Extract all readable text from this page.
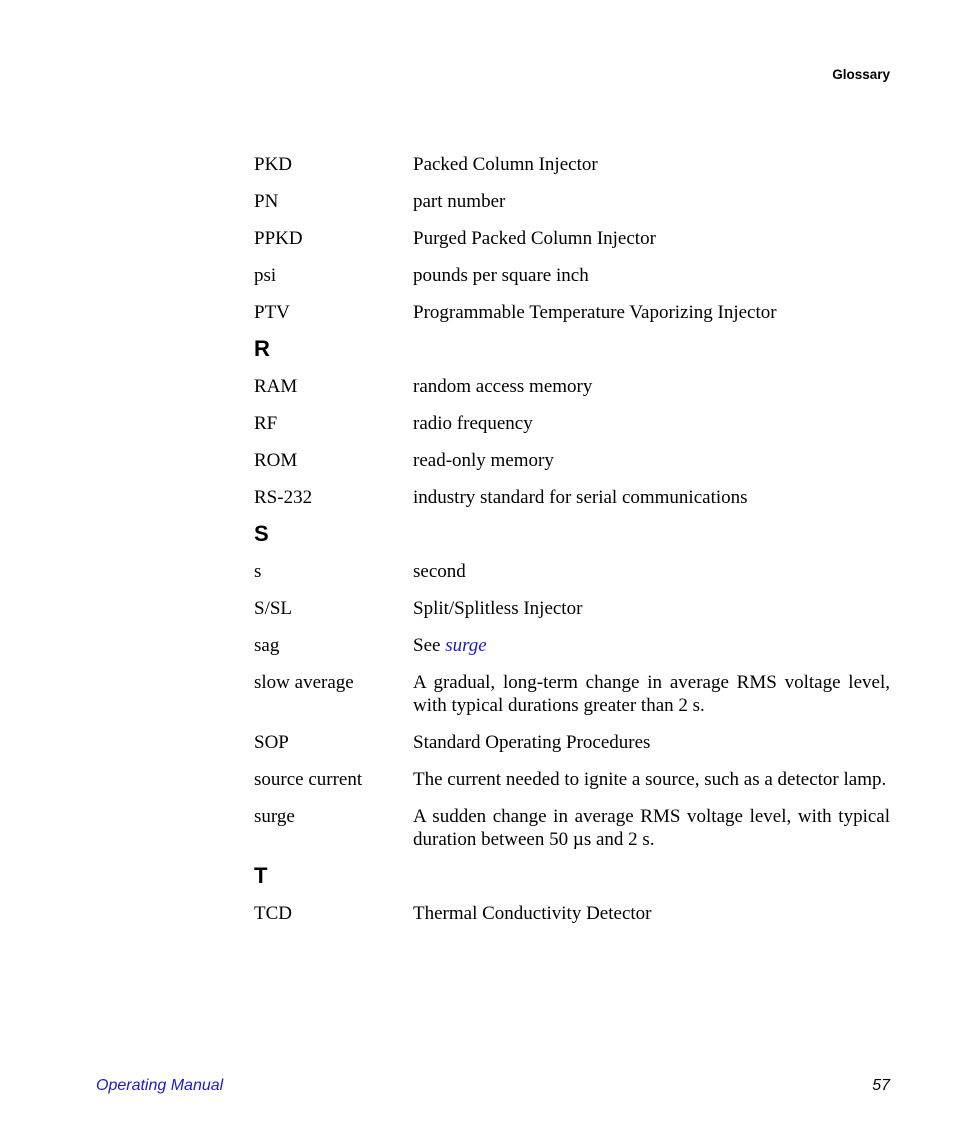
Glossary
PKD	Packed Column Injector
PN	part number
PPKD	Purged Packed Column Injector
psi	pounds per square inch
PTV	Programmable Temperature Vaporizing Injector
R
RAM	random access memory
RF	radio frequency
ROM	read-only memory
RS-232	industry standard for serial communications
S
s	second
S/SL	Split/Splitless Injector
sag	See surge
slow average	A gradual, long-term change in average RMS voltage level, with typical durations greater than 2 s.
SOP	Standard Operating Procedures
source current	The current needed to ignite a source, such as a detector lamp.
surge	A sudden change in average RMS voltage level, with typical duration between 50 µs and 2 s.
T
TCD	Thermal Conductivity Detector
Operating Manual	57
